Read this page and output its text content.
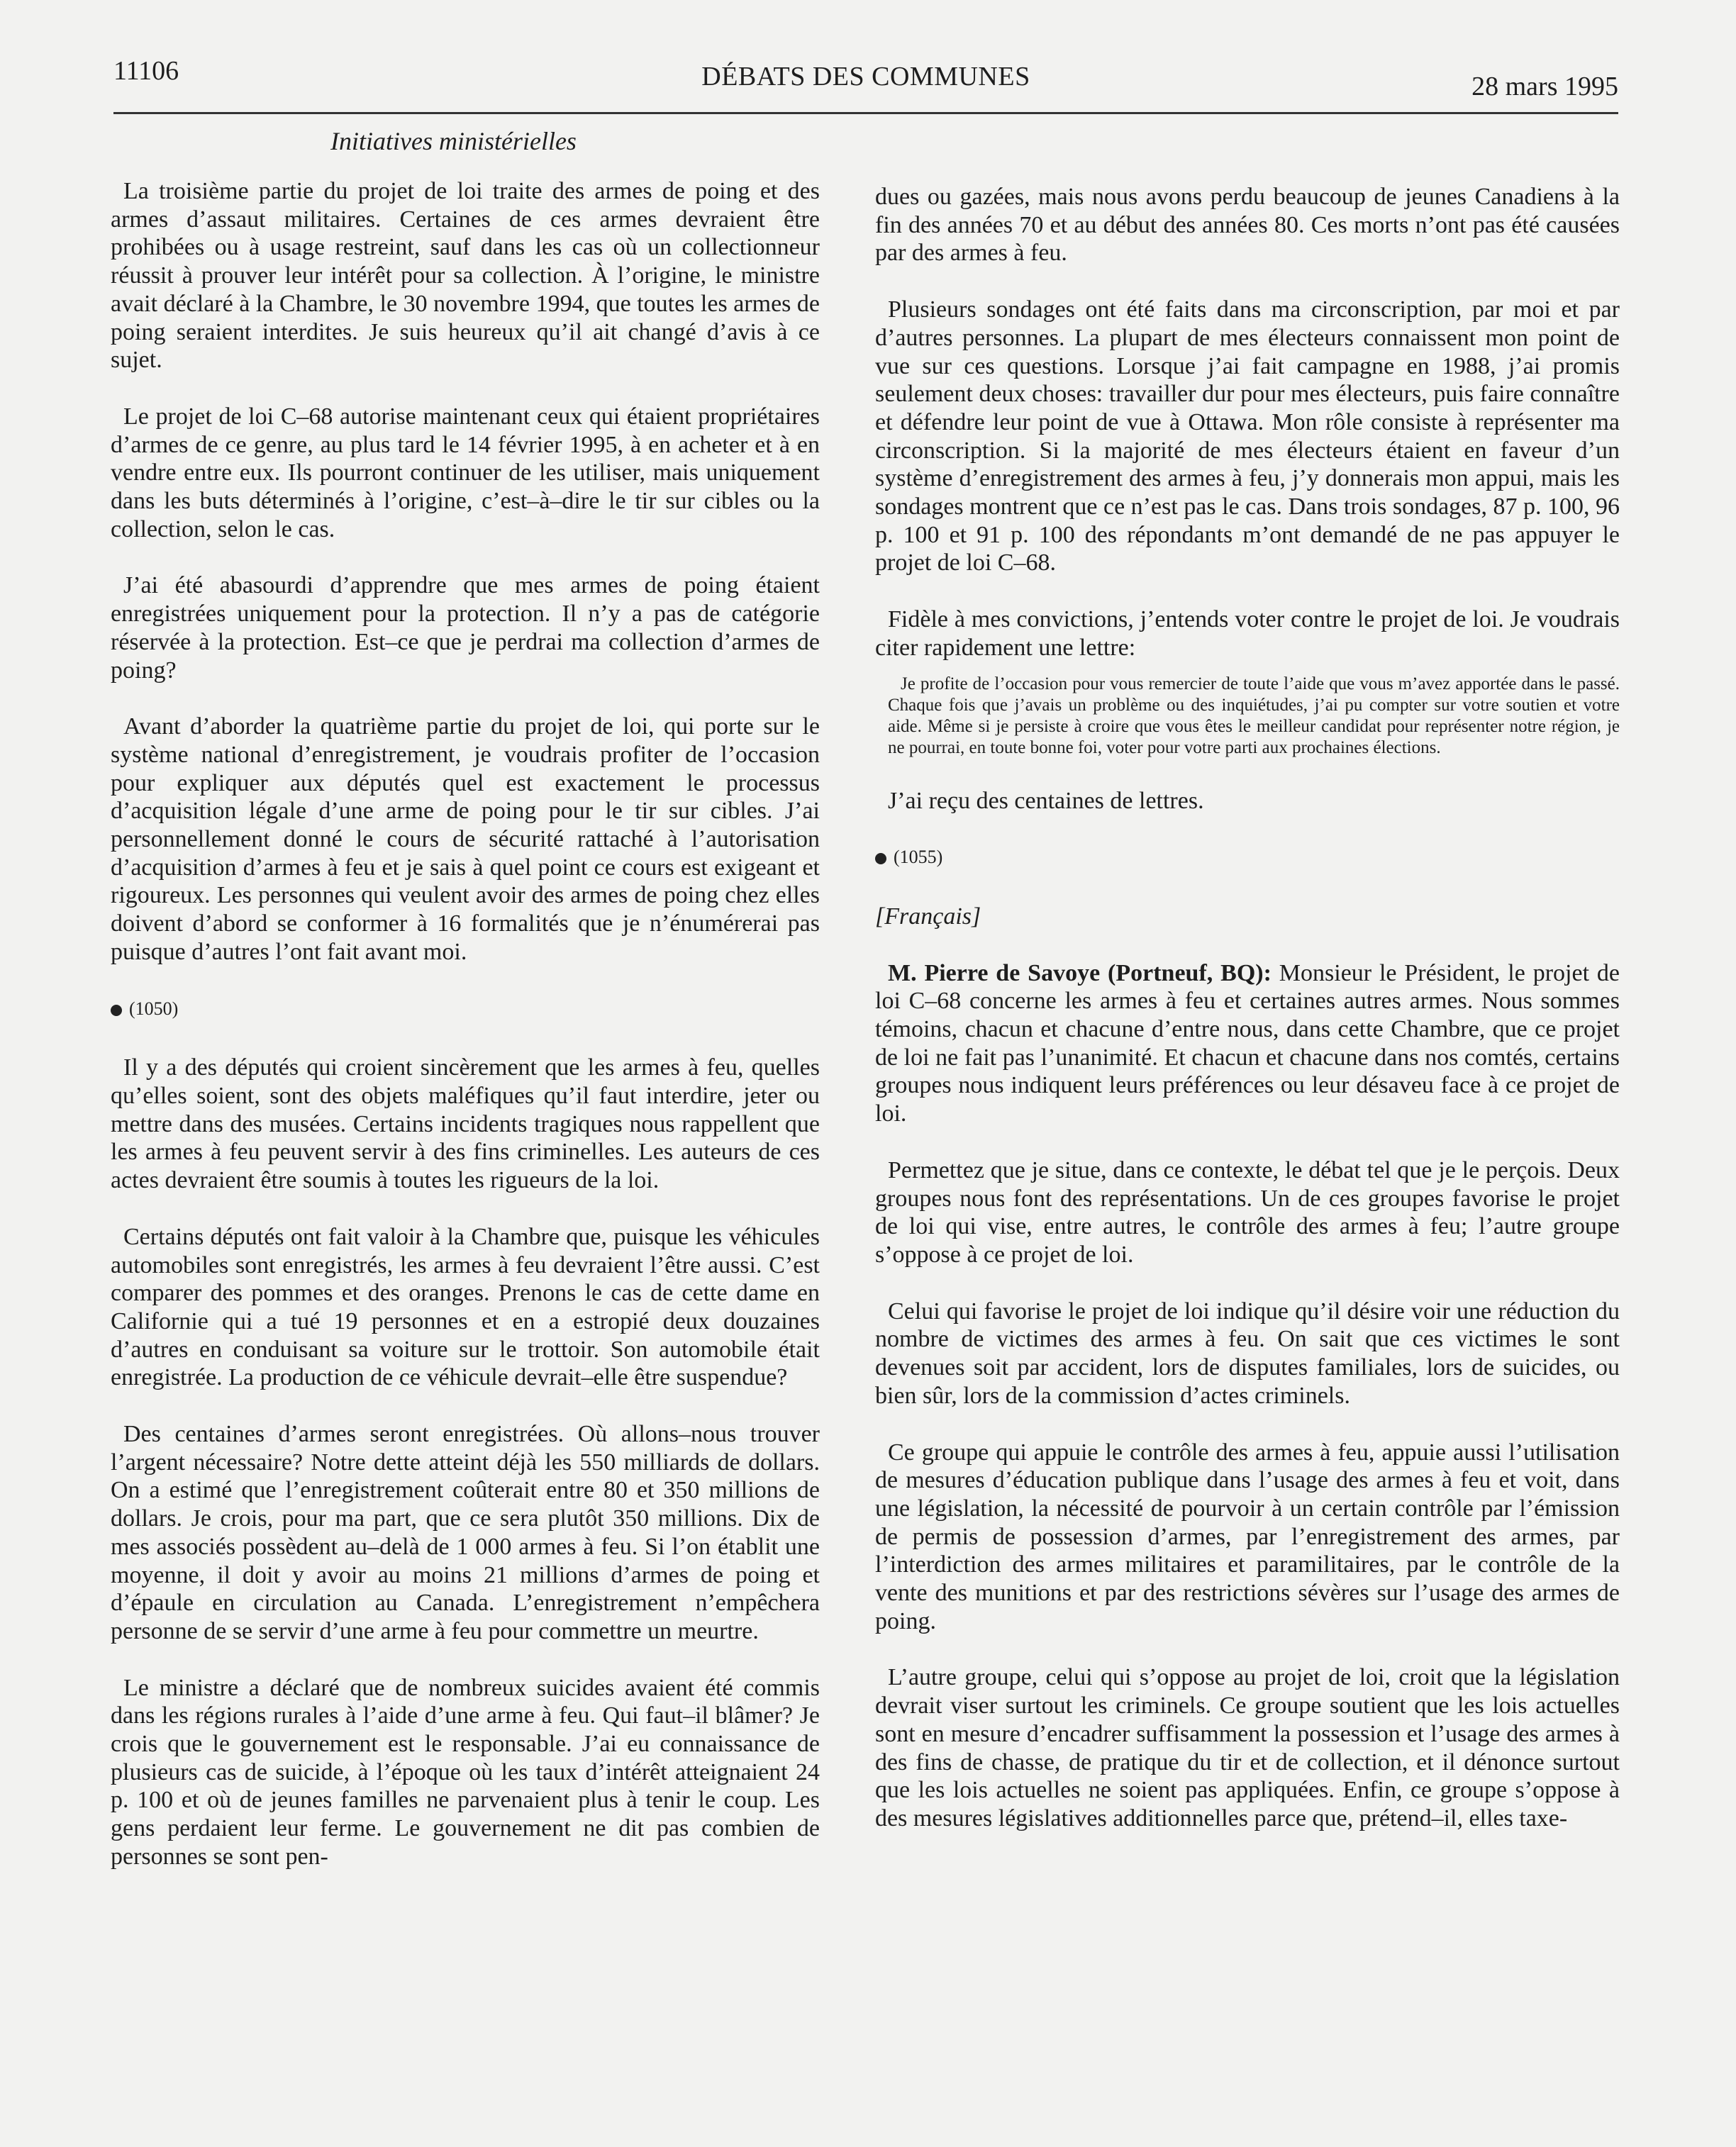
11106	DÉBATS DES COMMUNES	28 mars 1995
Initiatives ministérielles

La troisième partie du projet de loi traite des armes de poing et des armes d’assaut militaires. Certaines de ces armes devraient être prohibées ou à usage restreint, sauf dans les cas où un collectionneur réussit à prouver leur intérêt pour sa collection. À l’origine, le ministre avait déclaré à la Chambre, le 30 novembre 1994, que toutes les armes de poing seraient interdites. Je suis heureux qu’il ait changé d’avis à ce sujet.

Le projet de loi C–68 autorise maintenant ceux qui étaient propriétaires d’armes de ce genre, au plus tard le 14 février 1995, à en acheter et à en vendre entre eux. Ils pourront continuer de les utiliser, mais uniquement dans les buts déterminés à l’origine, c’est–à–dire le tir sur cibles ou la collection, selon le cas.

J’ai été abasourdi d’apprendre que mes armes de poing étaient enregistrées uniquement pour la protection. Il n’y a pas de catégorie réservée à la protection. Est–ce que je perdrai ma collection d’armes de poing?

Avant d’aborder la quatrième partie du projet de loi, qui porte sur le système national d’enregistrement, je voudrais profiter de l’occasion pour expliquer aux députés quel est exactement le processus d’acquisition légale d’une arme de poing pour le tir sur cibles. J’ai personnellement donné le cours de sécurité rattaché à l’autorisation d’acquisition d’armes à feu et je sais à quel point ce cours est exigeant et rigoureux. Les personnes qui veulent avoir des armes de poing chez elles doivent d’abord se conformer à 16 formalités que je n’énumérerai pas puisque d’autres l’ont fait avant moi.

(1050)

Il y a des députés qui croient sincèrement que les armes à feu, quelles qu’elles soient, sont des objets maléfiques qu’il faut interdire, jeter ou mettre dans des musées. Certains incidents tragiques nous rappellent que les armes à feu peuvent servir à des fins criminelles. Les auteurs de ces actes devraient être soumis à toutes les rigueurs de la loi.

Certains députés ont fait valoir à la Chambre que, puisque les véhicules automobiles sont enregistrés, les armes à feu devraient l’être aussi. C’est comparer des pommes et des oranges. Prenons le cas de cette dame en Californie qui a tué 19 personnes et en a estropié deux douzaines d’autres en conduisant sa voiture sur le trottoir. Son automobile était enregistrée. La production de ce véhicule devrait–elle être suspendue?

Des centaines d’armes seront enregistrées. Où allons–nous trouver l’argent nécessaire? Notre dette atteint déjà les 550 milliards de dollars. On a estimé que l’enregistrement coûterait entre 80 et 350 millions de dollars. Je crois, pour ma part, que ce sera plutôt 350 millions. Dix de mes associés possèdent au–delà de 1 000 armes à feu. Si l’on établit une moyenne, il doit y avoir au moins 21 millions d’armes de poing et d’épaule en circulation au Canada. L’enregistrement n’empêchera personne de se servir d’une arme à feu pour commettre un meurtre.

Le ministre a déclaré que de nombreux suicides avaient été commis dans les régions rurales à l’aide d’une arme à feu. Qui faut–il blâmer? Je crois que le gouvernement est le responsable. J’ai eu connaissance de plusieurs cas de suicide, à l’époque où les taux d’intérêt atteignaient 24 p. 100 et où de jeunes familles ne parvenaient plus à tenir le coup. Les gens perdaient leur ferme. Le gouvernement ne dit pas combien de personnes se sont pen-

dues ou gazées, mais nous avons perdu beaucoup de jeunes Canadiens à la fin des années 70 et au début des années 80. Ces morts n’ont pas été causées par des armes à feu.

Plusieurs sondages ont été faits dans ma circonscription, par moi et par d’autres personnes. La plupart de mes électeurs connaissent mon point de vue sur ces questions. Lorsque j’ai fait campagne en 1988, j’ai promis seulement deux choses: travailler dur pour mes électeurs, puis faire connaître et défendre leur point de vue à Ottawa. Mon rôle consiste à représenter ma circonscription. Si la majorité de mes électeurs étaient en faveur d’un système d’enregistrement des armes à feu, j’y donnerais mon appui, mais les sondages montrent que ce n’est pas le cas. Dans trois sondages, 87 p. 100, 96 p. 100 et 91 p. 100 des répondants m’ont demandé de ne pas appuyer le projet de loi C–68.

Fidèle à mes convictions, j’entends voter contre le projet de loi. Je voudrais citer rapidement une lettre:

Je profite de l’occasion pour vous remercier de toute l’aide que vous m’avez apportée dans le passé. Chaque fois que j’avais un problème ou des inquiétudes, j’ai pu compter sur votre soutien et votre aide. Même si je persiste à croire que vous êtes le meilleur candidat pour représenter notre région, je ne pourrai, en toute bonne foi, voter pour votre parti aux prochaines élections.

J’ai reçu des centaines de lettres.

(1055)
[Français]

M. Pierre de Savoye (Portneuf, BQ): Monsieur le Président, le projet de loi C–68 concerne les armes à feu et certaines autres armes. Nous sommes témoins, chacun et chacune d’entre nous, dans cette Chambre, que ce projet de loi ne fait pas l’unanimité. Et chacun et chacune dans nos comtés, certains groupes nous indiquent leurs préférences ou leur désaveu face à ce projet de loi.

Permettez que je situe, dans ce contexte, le débat tel que je le perçois. Deux groupes nous font des représentations. Un de ces groupes favorise le projet de loi qui vise, entre autres, le contrôle des armes à feu; l’autre groupe s’oppose à ce projet de loi.

Celui qui favorise le projet de loi indique qu’il désire voir une réduction du nombre de victimes des armes à feu. On sait que ces victimes le sont devenues soit par accident, lors de disputes familiales, lors de suicides, ou bien sûr, lors de la commission d’actes criminels.

Ce groupe qui appuie le contrôle des armes à feu, appuie aussi l’utilisation de mesures d’éducation publique dans l’usage des armes à feu et voit, dans une législation, la nécessité de pourvoir à un certain contrôle par l’émission de permis de possession d’armes, par l’enregistrement des armes, par l’interdiction des armes militaires et paramilitaires, par le contrôle de la vente des munitions et par des restrictions sévères sur l’usage des armes de poing.

L’autre groupe, celui qui s’oppose au projet de loi, croit que la législation devrait viser surtout les criminels. Ce groupe soutient que les lois actuelles sont en mesure d’encadrer suffisamment la possession et l’usage des armes à des fins de chasse, de pratique du tir et de collection, et il dénonce surtout que les lois actuelles ne soient pas appliquées. Enfin, ce groupe s’oppose à des mesures législatives additionnelles parce que, prétend–il, elles taxe-
